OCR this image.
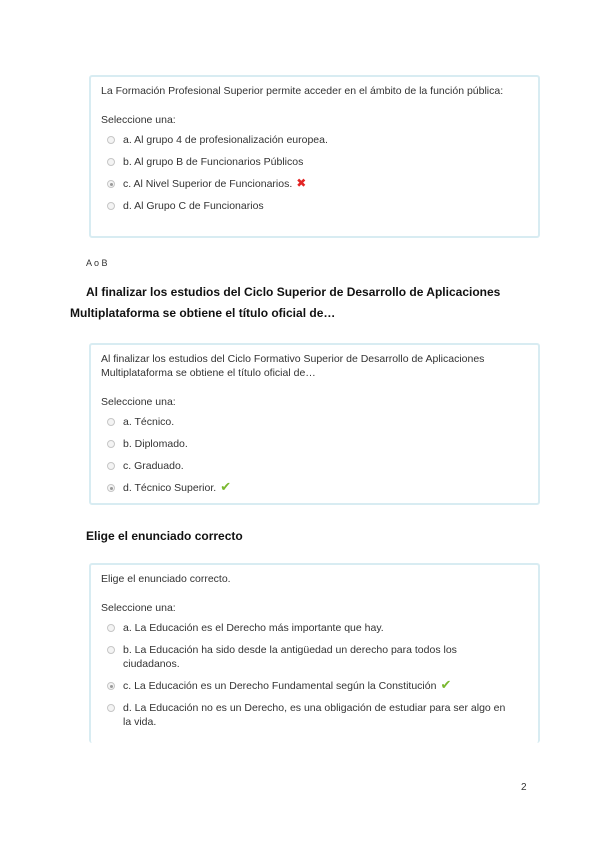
La Formación Profesional Superior permite acceder en el ámbito de la función pública:

Seleccione una:
a. Al grupo 4 de profesionalización europea.
b. Al grupo B de Funcionarios Públicos
c. Al Nivel Superior de Funcionarios. ✖
d. Al Grupo C de Funcionarios
A o B
Al finalizar los estudios del Ciclo Superior de Desarrollo de Aplicaciones
Multiplataforma se obtiene el título oficial de…

Al finalizar los estudios del Ciclo Formativo Superior de Desarrollo de Aplicaciones Multiplataforma se obtiene el título oficial de…

Seleccione una:
a. Técnico.
b. Diplomado.
c. Graduado.
d. Técnico Superior. ✔
Elige el enunciado correcto

Elige el enunciado correcto.

Seleccione una:
a. La Educación es el Derecho más importante que hay.
b. La Educación ha sido desde la antigüedad un derecho para todos los ciudadanos.
c. La Educación es un Derecho Fundamental según la Constitución ✔
d. La Educación no es un Derecho, es una obligación de estudiar para ser algo en la vida.
2
